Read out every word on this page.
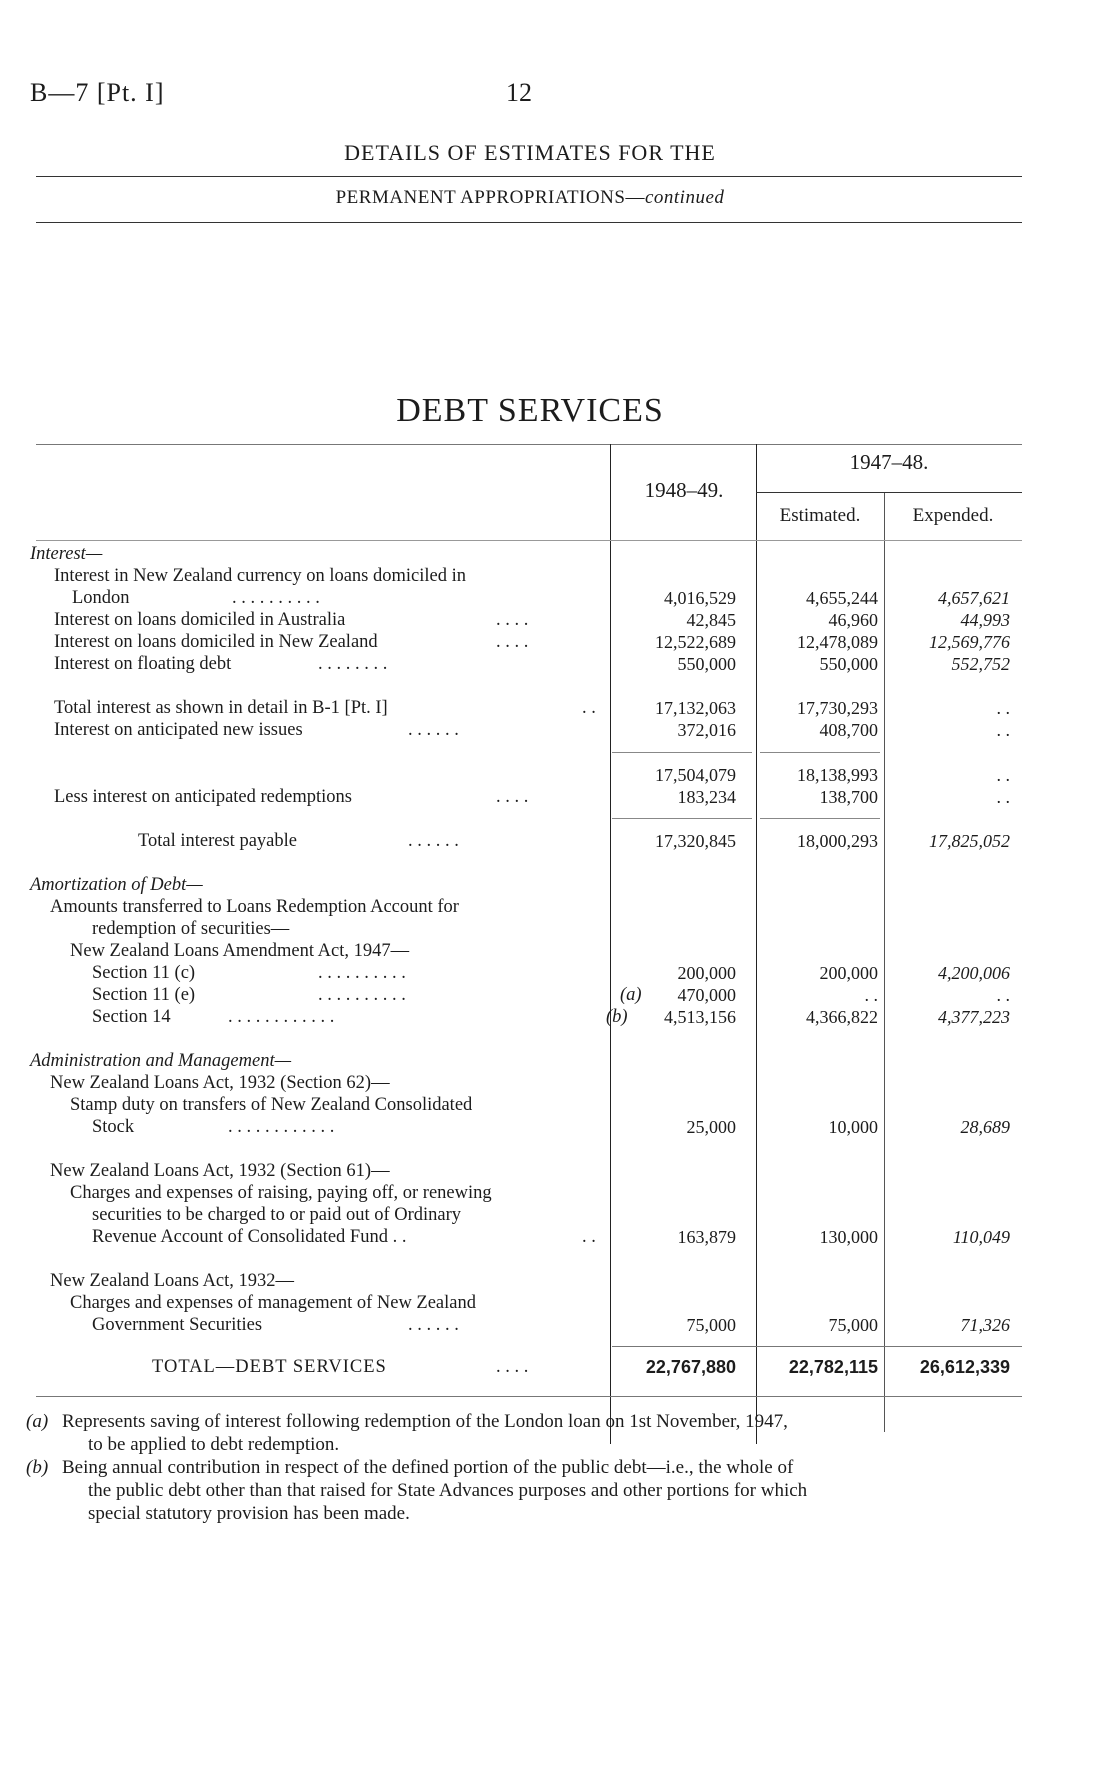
B—7 [Pt. I]	12
DETAILS OF ESTIMATES FOR THE
PERMANENT APPROPRIATIONS—continued
DEBT SERVICES
1948–49.
1947–48.
Estimated.	Expended.
Interest—
Interest in New Zealand currency on loans domiciled in
London	. . . . . . . . . .	4,016,529	4,655,244	4,657,621
Interest on loans domiciled in Australia	. . . .	42,845	46,960	44,993
Interest on loans domiciled in New Zealand	. . . .	12,522,689	12,478,089	12,569,776
Interest on floating debt	. . . . . . . .	550,000	550,000	552,752
Total interest as shown in detail in B-1 [Pt. I]	. .	17,132,063	17,730,293	. .
Interest on anticipated new issues	. . . . . .	372,016	408,700	. .
17,504,079	18,138,993	. .
Less interest on anticipated redemptions	. . . .	183,234	138,700	. .
Total interest payable	. . . . . .	17,320,845	18,000,293	17,825,052
Amortization of Debt—
Amounts transferred to Loans Redemption Account for
redemption of securities—
New Zealand Loans Amendment Act, 1947—
Section 11 (c)	. . . . . . . . . .	200,000	200,000	4,200,006
Section 11 (e)	. . . . . . . . . .	(a)	470,000	. .	. .
Section 14	. . . . . . . . . . . .	(b)	4,513,156	4,366,822	4,377,223
Administration and Management—
New Zealand Loans Act, 1932 (Section 62)—
Stamp duty on transfers of New Zealand Consolidated
Stock	. . . . . . . . . . . .	25,000	10,000	28,689
New Zealand Loans Act, 1932 (Section 61)—
Charges and expenses of raising, paying off, or renewing
securities to be charged to or paid out of Ordinary
Revenue Account of Consolidated Fund . .	. .	163,879	130,000	110,049
New Zealand Loans Act, 1932—
Charges and expenses of management of New Zealand
Government Securities	. . . . . .	75,000	75,000	71,326
TOTAL—DEBT SERVICES	. . . .	22,767,880	22,782,115	26,612,339
(a) Represents saving of interest following redemption of the London loan on 1st November, 1947,
to be applied to debt redemption.
(b) Being annual contribution in respect of the defined portion of the public debt—i.e., the whole of
the public debt other than that raised for State Advances purposes and other portions for which
special statutory provision has been made.
